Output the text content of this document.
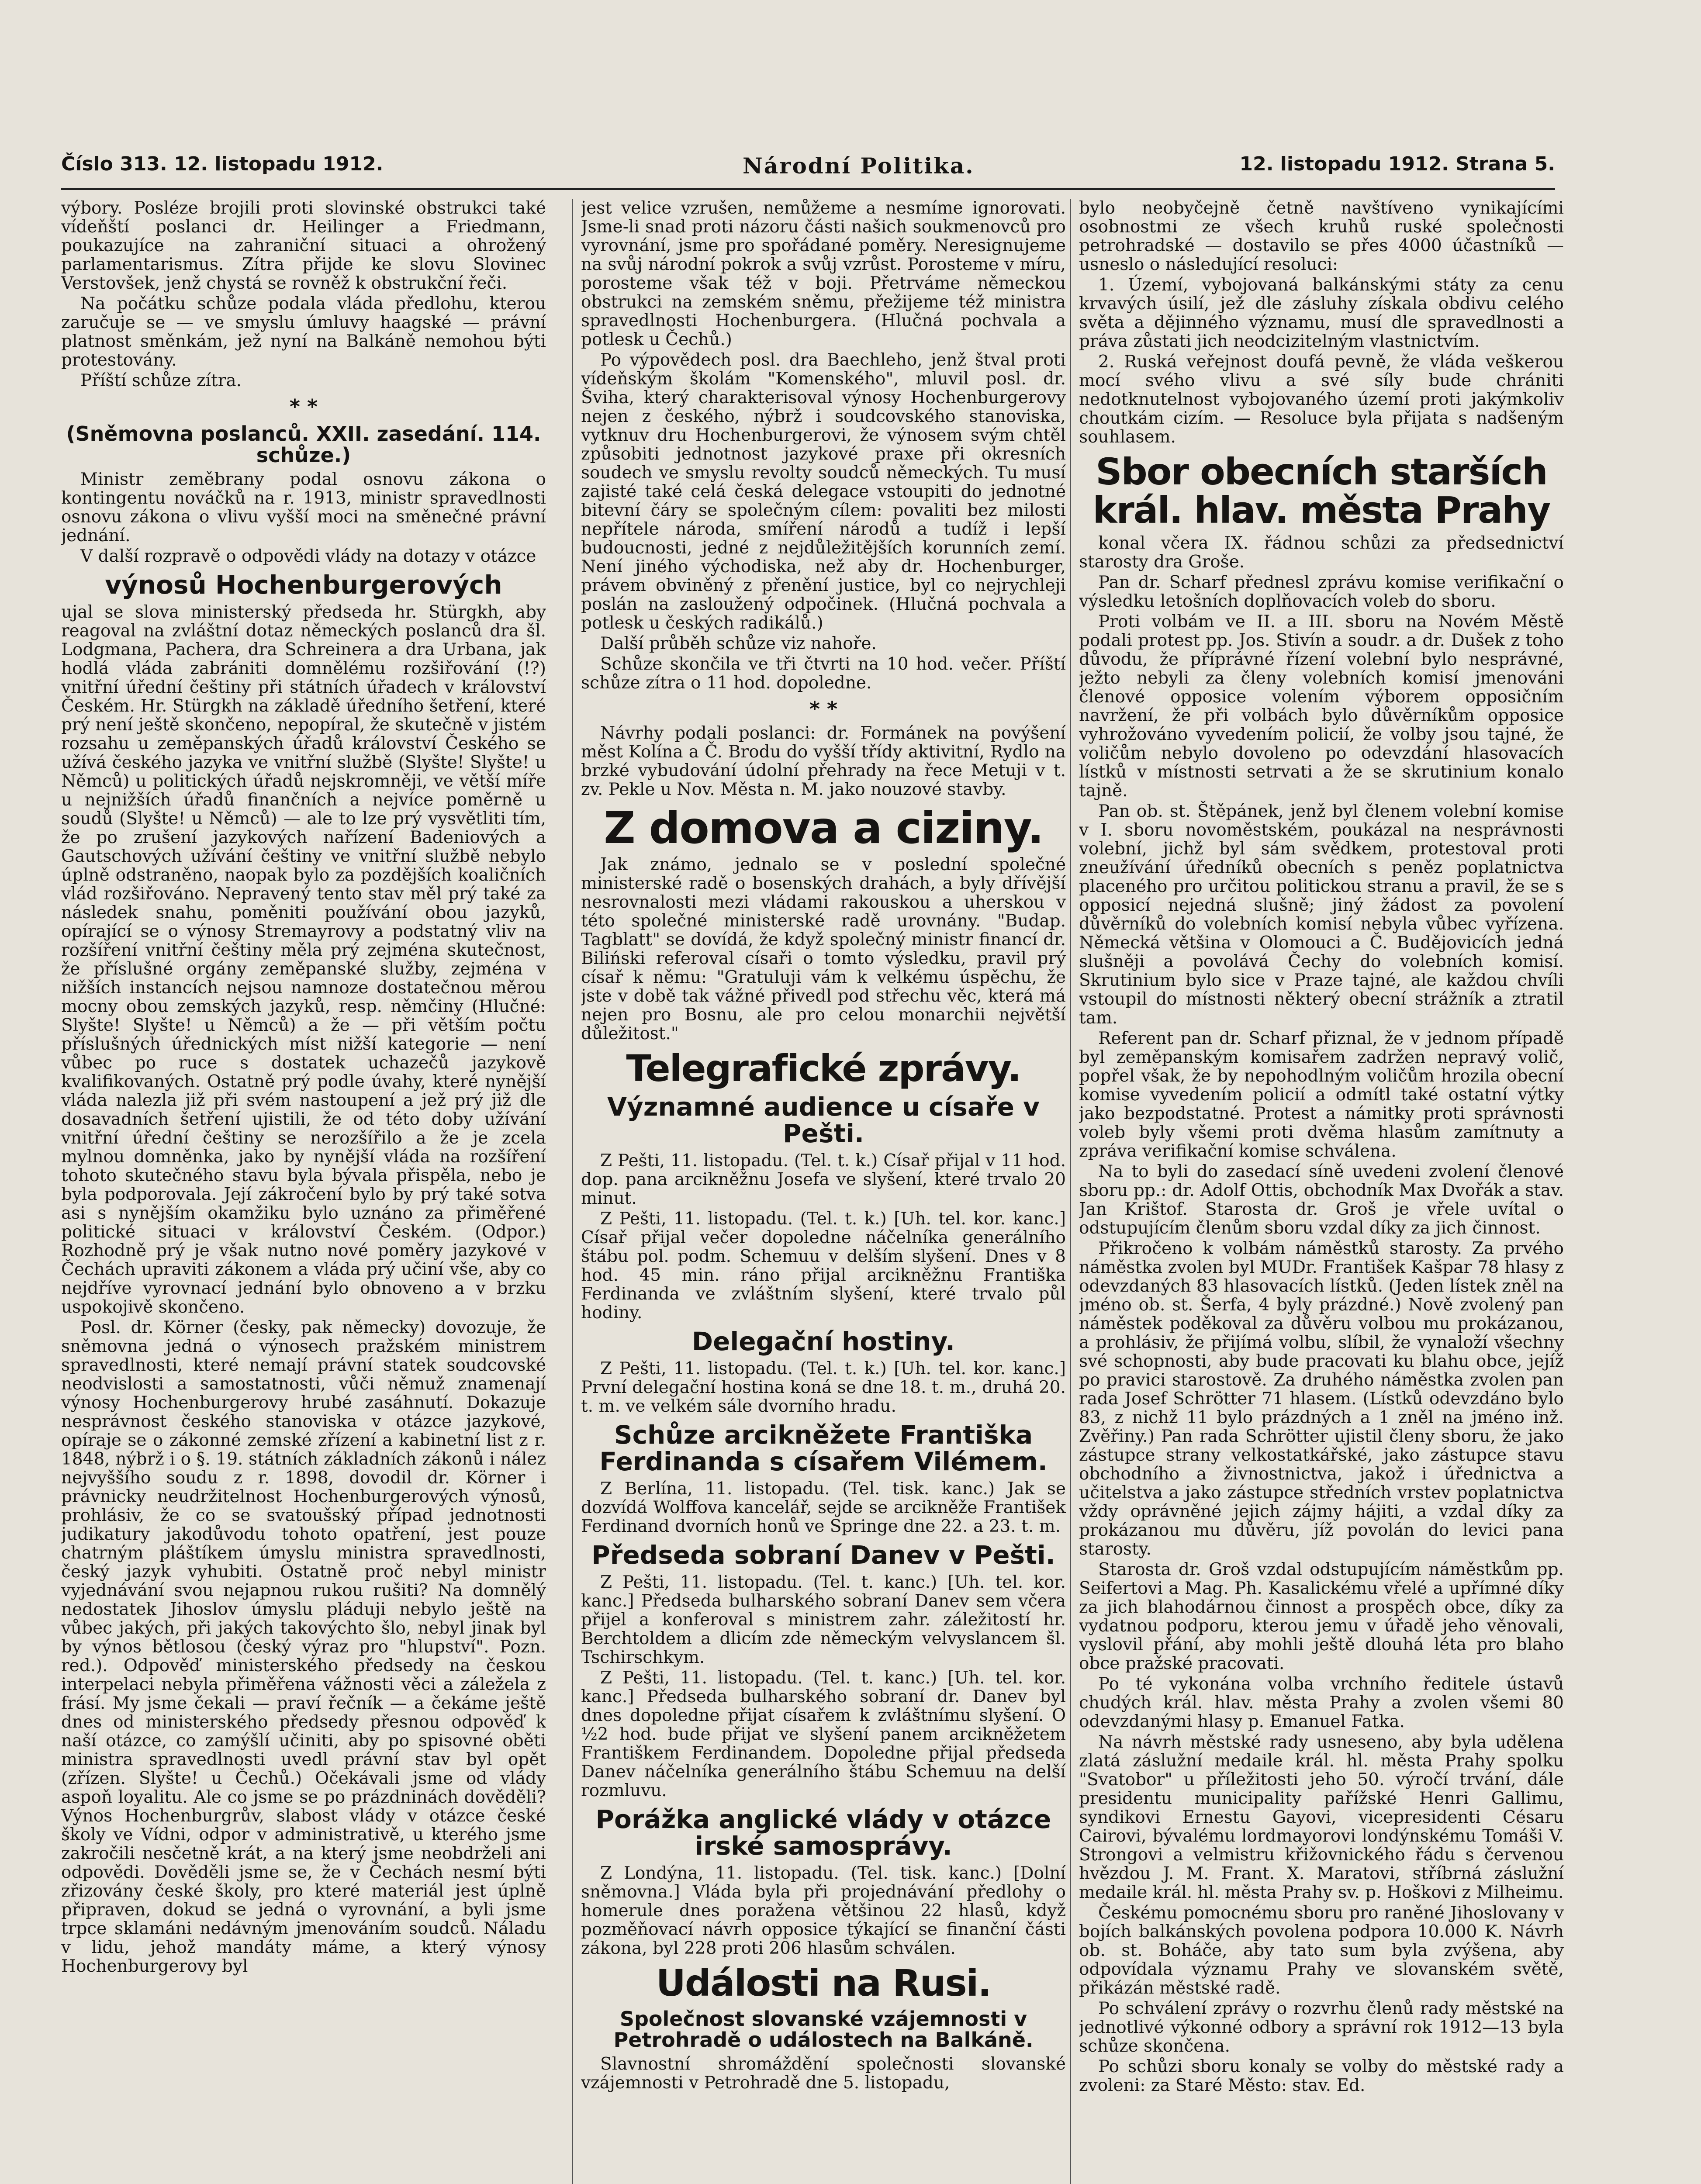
Číslo 313. 12. listopadu 1912.	Národní Politika.	12. listopadu 1912. Strana 5.

výbory. Posléze brojili proti slovinské obstrukci také vídeňští poslanci dr. Heilinger a Friedmann, poukazujíce na zahraniční situaci a ohrožený parlamentarismus. Zítra přijde ke slovu Slovinec Verstovšek, jenž chystá se rovněž k obstrukční řeči.

Na počátku schůze podala vláda předlohu, kterou zaručuje se — ve smyslu úmluvy haagské — právní platnost směnkám, jež nyní na Balkáně nemohou býti protestovány.

Příští schůze zítra.

* *
(Sněmovna poslanců. XXII. zasedání. 114. schůze.)

Ministr zeměbrany podal osnovu zákona o kontingentu nováčků na r. 1913, ministr spravedlnosti osnovu zákona o vlivu vyšší moci na směnečné právní jednání.

V další rozpravě o odpovědi vlády na dotazy v otázce

výnosů Hochenburgerových

ujal se slova ministerský předseda hr. Stürgkh, aby reagoval na zvláštní dotaz německých poslanců dra šl. Lodgmana, Pachera, dra Schreinera a dra Urbana, jak hodlá vláda zabrániti domnělému rozšiřování (!?) vnitřní úřední češtiny při státních úřadech v království Českém. Hr. Stürgkh na základě úředního šetření, které prý není ještě skončeno, nepopíral, že skutečně v jistém rozsahu u zeměpanských úřadů království Českého se užívá českého jazyka ve vnitřní službě (Slyšte! Slyšte! u Němců) u politických úřadů nejskromněji, ve větší míře u nejnižších úřadů finančních a nejvíce poměrně u soudů (Slyšte! u Němců) — ale to lze prý vysvětliti tím, že po zrušení jazykových nařízení Badeniových a Gautschových užívání češtiny ve vnitřní službě nebylo úplně odstraněno, naopak bylo za pozdějších koaličních vlád rozšiřováno. Nepravený tento stav měl prý také za následek snahu, poměniti používání obou jazyků, opírající se o výnosy Stremayrovy a podstatný vliv na rozšíření vnitřní češtiny měla prý zejména skutečnost, že příslušné orgány zeměpanské služby, zejména v nižších instancích nejsou namnoze dostatečnou měrou mocny obou zemských jazyků, resp. němčiny (Hlučné: Slyšte! Slyšte! u Němců) a že — při větším počtu příslušných úřednických míst nižší kategorie — není vůbec po ruce s dostatek uchazečů jazykově kvalifikovaných. Ostatně prý podle úvahy, které nynější vláda nalezla již při svém nastoupení a jež prý již dle dosavadních šetření ujistili, že od této doby užívání vnitřní úřední češtiny se nerozšířilo a že je zcela mylnou domněnka, jako by nynější vláda na rozšíření tohoto skutečného stavu byla bývala přispěla, nebo je byla podporovala. Její zákročení bylo by prý také sotva asi s nynějším okamžiku bylo uznáno za přiměřené politické situaci v království Českém. (Odpor.) Rozhodně prý je však nutno nové poměry jazykové v Čechách upraviti zákonem a vláda prý učiní vše, aby co nejdříve vyrovnací jednání bylo obnoveno a v brzku uspokojivě skončeno.

Posl. dr. Körner (česky, pak německy) dovozuje, že sněmovna jedná o výnosech pražském ministrem spravedlnosti, které nemají právní statek soudcovské neodvislosti a samostatnosti, vůči němuž znamenají výnosy Hochenburgerovy hrubé zasáhnutí. Dokazuje nesprávnost českého stanoviska v otázce jazykové, opíraje se o zákonné zemské zřízení a kabinetní list z r. 1848, nýbrž i o §. 19. státních základních zákonů i nález nejvyššího soudu z r. 1898, dovodil dr. Körner i právnicky neudržitelnost Hochenburgerových výnosů, prohlásiv, že co se svatoušský případ jednotnosti judikatury jakodůvodu tohoto opatření, jest pouze chatrným pláštíkem úmyslu ministra spravedlnosti, český jazyk vyhubiti. Ostatně proč nebyl ministr vyjednávání svou nejapnou rukou rušiti? Na domnělý nedostatek Jihoslov úmyslu pláduji nebylo ještě na vůbec jakých, při jakých takovýchto šlo, nebyl jinak byl by výnos bětlosou (český výraz pro "hlupství". Pozn. red.). Odpověď ministerského předsedy na českou interpelaci nebyla přiměřena vážnosti věci a záležela z frásí. My jsme čekali — praví řečník — a čekáme ještě dnes od ministerského předsedy přesnou odpověď k naší otázce, co zamýšlí učiniti, aby po spisovné oběti ministra spravedlnosti uvedl právní stav byl opět (zřízen. Slyšte! u Čechů.) Očekávali jsme od vlády aspoň loyalitu. Ale co jsme se po prázdninách dověděli? Výnos Hochenburgrův, slabost vlády v otázce české školy ve Vídni, odpor v administrativě, u kterého jsme zakročili nesčetně krát, a na který jsme neobdrželi ani odpovědi. Dověděli jsme se, že v Čechách nesmí býti zřizovány české školy, pro které materiál jest úplně připraven, dokud se jedná o vyrovnání, a byli jsme trpce sklamáni nedávným jmenováním soudců. Náladu v lidu, jehož mandáty máme, a který výnosy Hochenburgerovy byl

jest velice vzrušen, nemůžeme a nesmíme ignorovati. Jsme-li snad proti názoru části našich soukmenovců pro vyrovnání, jsme pro spořádané poměry. Neresignujeme na svůj národní pokrok a svůj vzrůst. Porosteme v míru, porosteme však též v boji. Přetrváme německou obstrukci na zemském sněmu, přežijeme též ministra spravedlnosti Hochenburgera. (Hlučná pochvala a potlesk u Čechů.)

Po výpovědech posl. dra Baechleho, jenž štval proti vídeňským školám "Komenského", mluvil posl. dr. Šviha, který charakterisoval výnosy Hochenburgerovy nejen z českého, nýbrž i soudcovského stanoviska, vytknuv dru Hochenburgerovi, že výnosem svým chtěl způsobiti jednotnost jazykové praxe při okresních soudech ve smyslu revolty soudců německých. Tu musí zajisté také celá česká delegace vstoupiti do jednotné bitevní čáry se společným cílem: povaliti bez milosti nepřítele národa, smíření národů a tudíž i lepší budoucnosti, jedné z nejdůležitějších korunních zemí. Není jiného východiska, než aby dr. Hochenburger, právem obviněný z přenění justice, byl co nejrychleji poslán na zasloužený odpočinek. (Hlučná pochvala a potlesk u českých radikálů.)

Další průběh schůze viz nahoře.

Schůze skončila ve tři čtvrti na 10 hod. večer. Příští schůze zítra o 11 hod. dopoledne.

* *

Návrhy podali poslanci: dr. Formánek na povýšení měst Kolína a Č. Brodu do vyšší třídy aktivitní, Rydlo na brzké vybudování údolní přehrady na řece Metuji v t. zv. Pekle u Nov. Města n. M. jako nouzové stavby.

Z domova a ciziny.

Jak známo, jednalo se v poslední společné ministerské radě o bosenských drahách, a byly dřívější nesrovnalosti mezi vládami rakouskou a uherskou v této společné ministerské radě urovnány. "Budap. Tagblatt" se dovídá, že když společný ministr financí dr. Biliński referoval císaři o tomto výsledku, pravil prý císař k němu: "Gratuluji vám k velkému úspěchu, že jste v době tak vážné přivedl pod střechu věc, která má nejen pro Bosnu, ale pro celou monarchii největší důležitost."

Telegrafické zprávy.
Významné audience u císaře v Pešti.

Z Pešti, 11. listopadu. (Tel. t. k.) Císař přijal v 11 hod. dop. pana arcikněžnu Josefa ve slyšení, které trvalo 20 minut.

Z Pešti, 11. listopadu. (Tel. t. k.) [Uh. tel. kor. kanc.] Císař přijal večer dopoledne náčelníka generálního štábu pol. podm. Schemuu v delším slyšení. Dnes v 8 hod. 45 min. ráno přijal arcikněžnu Františka Ferdinanda ve zvláštním slyšení, které trvalo půl hodiny.

Delegační hostiny.

Z Pešti, 11. listopadu. (Tel. t. k.) [Uh. tel. kor. kanc.] První delegační hostina koná se dne 18. t. m., druhá 20. t. m. ve velkém sále dvorního hradu.

Schůze arcikněžete Františka Ferdinanda s císařem Vilémem.

Z Berlína, 11. listopadu. (Tel. tisk. kanc.) Jak se dozvídá Wolffova kancelář, sejde se arcikněže František Ferdinand dvorních honů ve Springe dne 22. a 23. t. m.

Předseda sobraní Danev v Pešti.

Z Pešti, 11. listopadu. (Tel. t. kanc.) [Uh. tel. kor. kanc.] Předseda bulharského sobraní Danev sem včera přijel a konferoval s ministrem zahr. záležitostí hr. Berchtoldem a dlicím zde německým velvyslancem šl. Tschirschkym.

Z Pešti, 11. listopadu. (Tel. t. kanc.) [Uh. tel. kor. kanc.] Předseda bulharského sobraní dr. Danev byl dnes dopoledne přijat císařem k zvláštnímu slyšení. O ½2 hod. bude přijat ve slyšení panem arcikněžetem Františkem Ferdinandem. Dopoledne přijal předseda Danev náčelníka generálního štábu Schemuu na delší rozmluvu.

Porážka anglické vlády v otázce irské samosprávy.

Z Londýna, 11. listopadu. (Tel. tisk. kanc.) [Dolní sněmovna.] Vláda byla při projednávání předlohy o homerule dnes poražena většinou 22 hlasů, když pozměňovací návrh opposice týkající se finanční části zákona, byl 228 proti 206 hlasům schválen.

Události na Rusi.
Společnost slovanské vzájemnosti v Petrohradě o událostech na Balkáně.

Slavnostní shromáždění společnosti slovanské vzájemnosti v Petrohradě dne 5. listopadu,

bylo neobyčejně četně navštíveno vynikajícími osobnostmi ze všech kruhů ruské společnosti petrohradské — dostavilo se přes 4000 účastníků — usneslo o následující resoluci:

1. Území, vybojovaná balkánskými státy za cenu krvavých úsilí, jež dle zásluhy získala obdivu celého světa a dějinného významu, musí dle spravedlnosti a práva zůstati jich neodcizitelným vlastnictvím.

2. Ruská veřejnost doufá pevně, že vláda veškerou mocí svého vlivu a své síly bude chrániti nedotknutelnost vybojovaného území proti jakýmkoliv choutkám cizím. — Resoluce byla přijata s nadšeným souhlasem.

Sbor obecních starších král. hlav. města Prahy

konal včera IX. řádnou schůzi za předsednictví starosty dra Groše.

Pan dr. Scharf přednesl zprávu komise verifikační o výsledku letošních doplňovacích voleb do sboru.

Proti volbám ve II. a III. sboru na Novém Městě podali protest pp. Jos. Stivín a soudr. a dr. Dušek z toho důvodu, že příprávné řízení volební bylo nesprávné, ježto nebyli za členy volebních komisí jmenováni členové opposice volením výborem opposičním navržení, že při volbách bylo důvěrníkům opposice vyhrožováno vyvedením policií, že volby jsou tajné, že voličům nebylo dovoleno po odevzdání hlasovacích lístků v místnosti setrvati a že se skrutinium konalo tajně.

Pan ob. st. Štěpánek, jenž byl členem volební komise v I. sboru novoměstském, poukázal na nesprávnosti volební, jichž byl sám svědkem, protestoval proti zneužívání úředníků obecních s peněz poplatnictva placeného pro určitou politickou stranu a pravil, že se s opposicí nejedná slušně; jiný žádost za povolení důvěrníků do volebních komisí nebyla vůbec vyřízena. Německá většina v Olomouci a Č. Budějovicích jedná slušněji a povolává Čechy do volebních komisí. Skrutinium bylo sice v Praze tajné, ale každou chvíli vstoupil do místnosti některý obecní strážník a ztratil tam.

Referent pan dr. Scharf přiznal, že v jednom případě byl zeměpanským komisařem zadržen nepravý volič, popřel však, že by nepohodlným voličům hrozila obecní komise vyvedením policií a odmítl také ostatní výtky jako bezpodstatné. Protest a námitky proti správnosti voleb byly všemi proti dvěma hlasům zamítnuty a zpráva verifikační komise schválena.

Na to byli do zasedací síně uvedeni zvolení členové sboru pp.: dr. Adolf Ottis, obchodník Max Dvořák a stav. Jan Krištof. Starosta dr. Groš je vřele uvítal o odstupujícím členům sboru vzdal díky za jich činnost.

Přikročeno k volbám náměstků starosty. Za prvého náměstka zvolen byl MUDr. František Kašpar 78 hlasy z odevzdaných 83 hlasovacích lístků. (Jeden lístek zněl na jméno ob. st. Šerfa, 4 byly prázdné.) Nově zvolený pan náměstek poděkoval za důvěru volbou mu prokázanou, a prohlásiv, že přijímá volbu, slíbil, že vynaloží všechny své schopnosti, aby bude pracovati ku blahu obce, jejíž po pravici starostově. Za druhého náměstka zvolen pan rada Josef Schrötter 71 hlasem. (Lístků odevzdáno bylo 83, z nichž 11 bylo prázdných a 1 zněl na jméno inž. Zvěřiny.) Pan rada Schrötter ujistil členy sboru, že jako zástupce strany velkostatkářské, jako zástupce stavu obchodního a živnostnictva, jakož i úřednictva a učitelstva a jako zástupce středních vrstev poplatnictva vždy oprávněné jejich zájmy hájiti, a vzdal díky za prokázanou mu důvěru, jíž povolán do levici pana starosty.

Starosta dr. Groš vzdal odstupujícím náměstkům pp. Seifertovi a Mag. Ph. Kasalickému vřelé a upřímné díky za jich blahodárnou činnost a prospěch obce, díky za vydatnou podporu, kterou jemu v úřadě jeho věnovali, vyslovil přání, aby mohli ještě dlouhá léta pro blaho obce pražské pracovati.

Po té vykonána volba vrchního ředitele ústavů chudých král. hlav. města Prahy a zvolen všemi 80 odevzdanými hlasy p. Emanuel Fatka.

Na návrh městské rady usneseno, aby byla udělena zlatá záslužní medaile král. hl. města Prahy spolku "Svatobor" u příležitosti jeho 50. výročí trvání, dále presidentu municipality pařížské Henri Gallimu, syndikovi Ernestu Gayovi, vicepresidenti Césaru Cairovi, bývalému lordmayorovi londýnskému Tomáši V. Strongovi a velmistru křižovnického řádu s červenou hvězdou J. M. Frant. X. Maratovi, stříbrná záslužní medaile král. hl. města Prahy sv. p. Hoškovi z Milheimu.

Českému pomocnému sboru pro raněné Jihoslovany v bojích balkánských povolena podpora 10.000 K. Návrh ob. st. Boháče, aby tato sum byla zvýšena, aby odpovídala významu Prahy ve slovanském světě, přikázán městské radě.

Po schválení zprávy o rozvrhu členů rady městské na jednotlivé výkonné odbory a správní rok 1912—13 byla schůze skončena.

Po schůzi sboru konaly se volby do městské rady a zvoleni: za Staré Město: stav. Ed.
